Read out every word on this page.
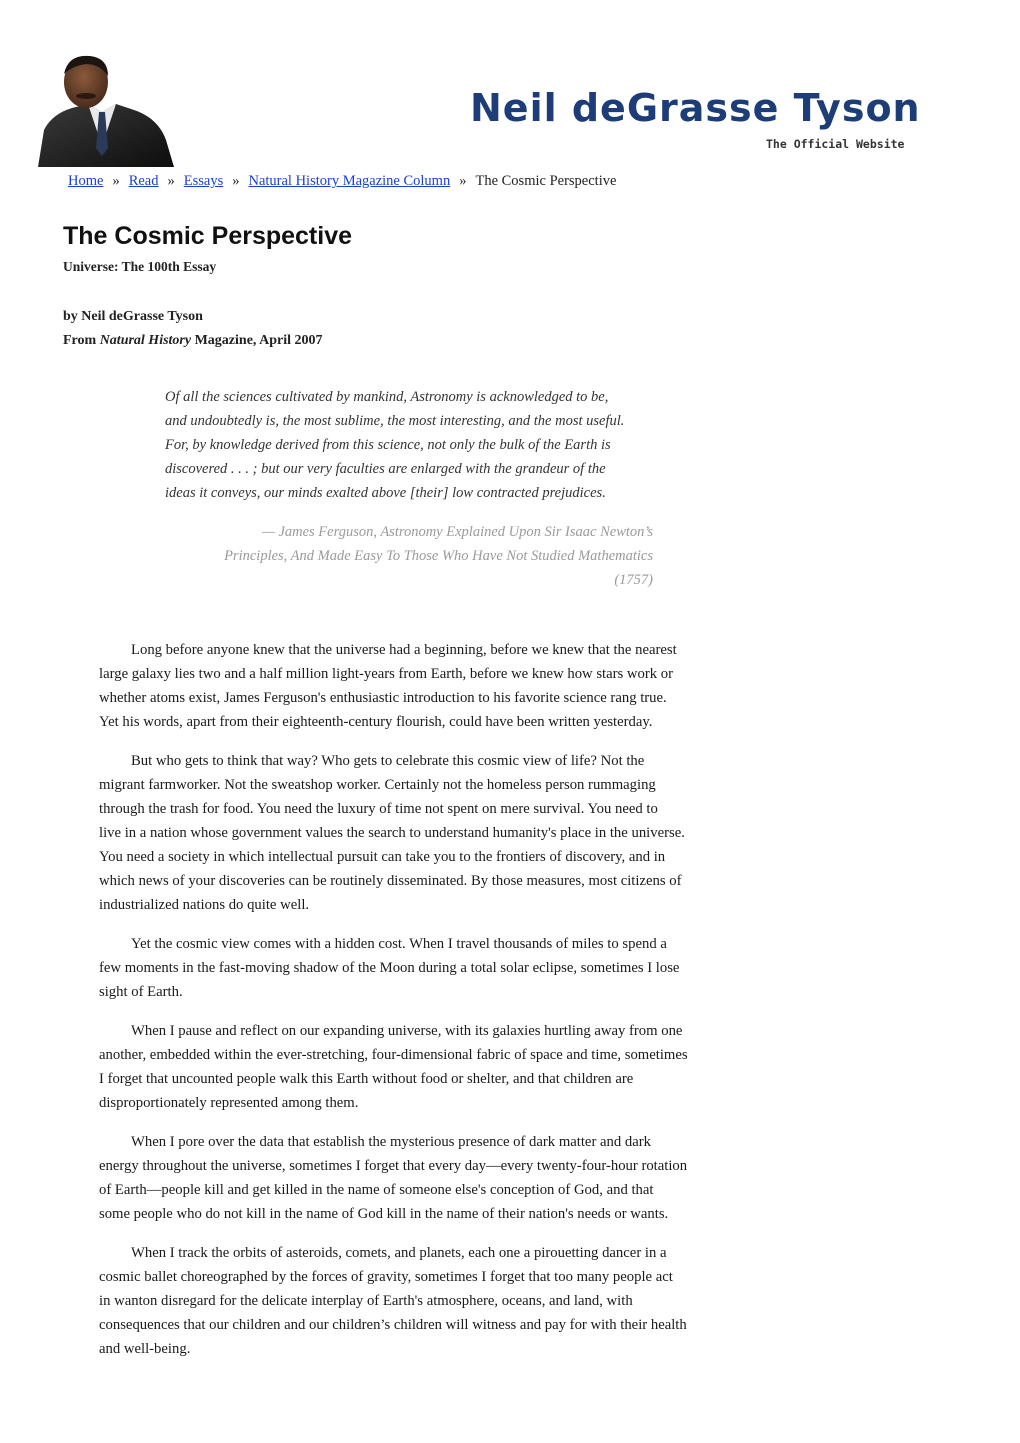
Neil deGrasse Tyson
The Official Website
Home » Read » Essays » Natural History Magazine Column » The Cosmic Perspective
The Cosmic Perspective
Universe: The 100th Essay
by Neil deGrasse Tyson
From Natural History Magazine, April 2007
Of all the sciences cultivated by mankind, Astronomy is acknowledged to be,
and undoubtedly is, the most sublime, the most interesting, and the most useful.
For, by knowledge derived from this science, not only the bulk of the Earth is
discovered . . . ; but our very faculties are enlarged with the grandeur of the
ideas it conveys, our minds exalted above [their] low contracted prejudices.
— James Ferguson, Astronomy Explained Upon Sir Isaac Newton’s
Principles, And Made Easy To Those Who Have Not Studied Mathematics
(1757)

Long before anyone knew that the universe had a beginning, before we knew that the nearest
large galaxy lies two and a half million light-years from Earth, before we knew how stars work or
whether atoms exist, James Ferguson's enthusiastic introduction to his favorite science rang true.
Yet his words, apart from their eighteenth-century flourish, could have been written yesterday.

But who gets to think that way? Who gets to celebrate this cosmic view of life? Not the
migrant farmworker. Not the sweatshop worker. Certainly not the homeless person rummaging
through the trash for food. You need the luxury of time not spent on mere survival. You need to
live in a nation whose government values the search to understand humanity's place in the universe.
You need a society in which intellectual pursuit can take you to the frontiers of discovery, and in
which news of your discoveries can be routinely disseminated. By those measures, most citizens of
industrialized nations do quite well.

Yet the cosmic view comes with a hidden cost. When I travel thousands of miles to spend a
few moments in the fast-moving shadow of the Moon during a total solar eclipse, sometimes I lose
sight of Earth.

When I pause and reflect on our expanding universe, with its galaxies hurtling away from one
another, embedded within the ever-stretching, four-dimensional fabric of space and time, sometimes
I forget that uncounted people walk this Earth without food or shelter, and that children are
disproportionately represented among them.

When I pore over the data that establish the mysterious presence of dark matter and dark
energy throughout the universe, sometimes I forget that every day—every twenty-four-hour rotation
of Earth—people kill and get killed in the name of someone else's conception of God, and that
some people who do not kill in the name of God kill in the name of their nation's needs or wants.

When I track the orbits of asteroids, comets, and planets, each one a pirouetting dancer in a
cosmic ballet choreographed by the forces of gravity, sometimes I forget that too many people act
in wanton disregard for the delicate interplay of Earth's atmosphere, oceans, and land, with
consequences that our children and our children’s children will witness and pay for with their health
and well-being.
